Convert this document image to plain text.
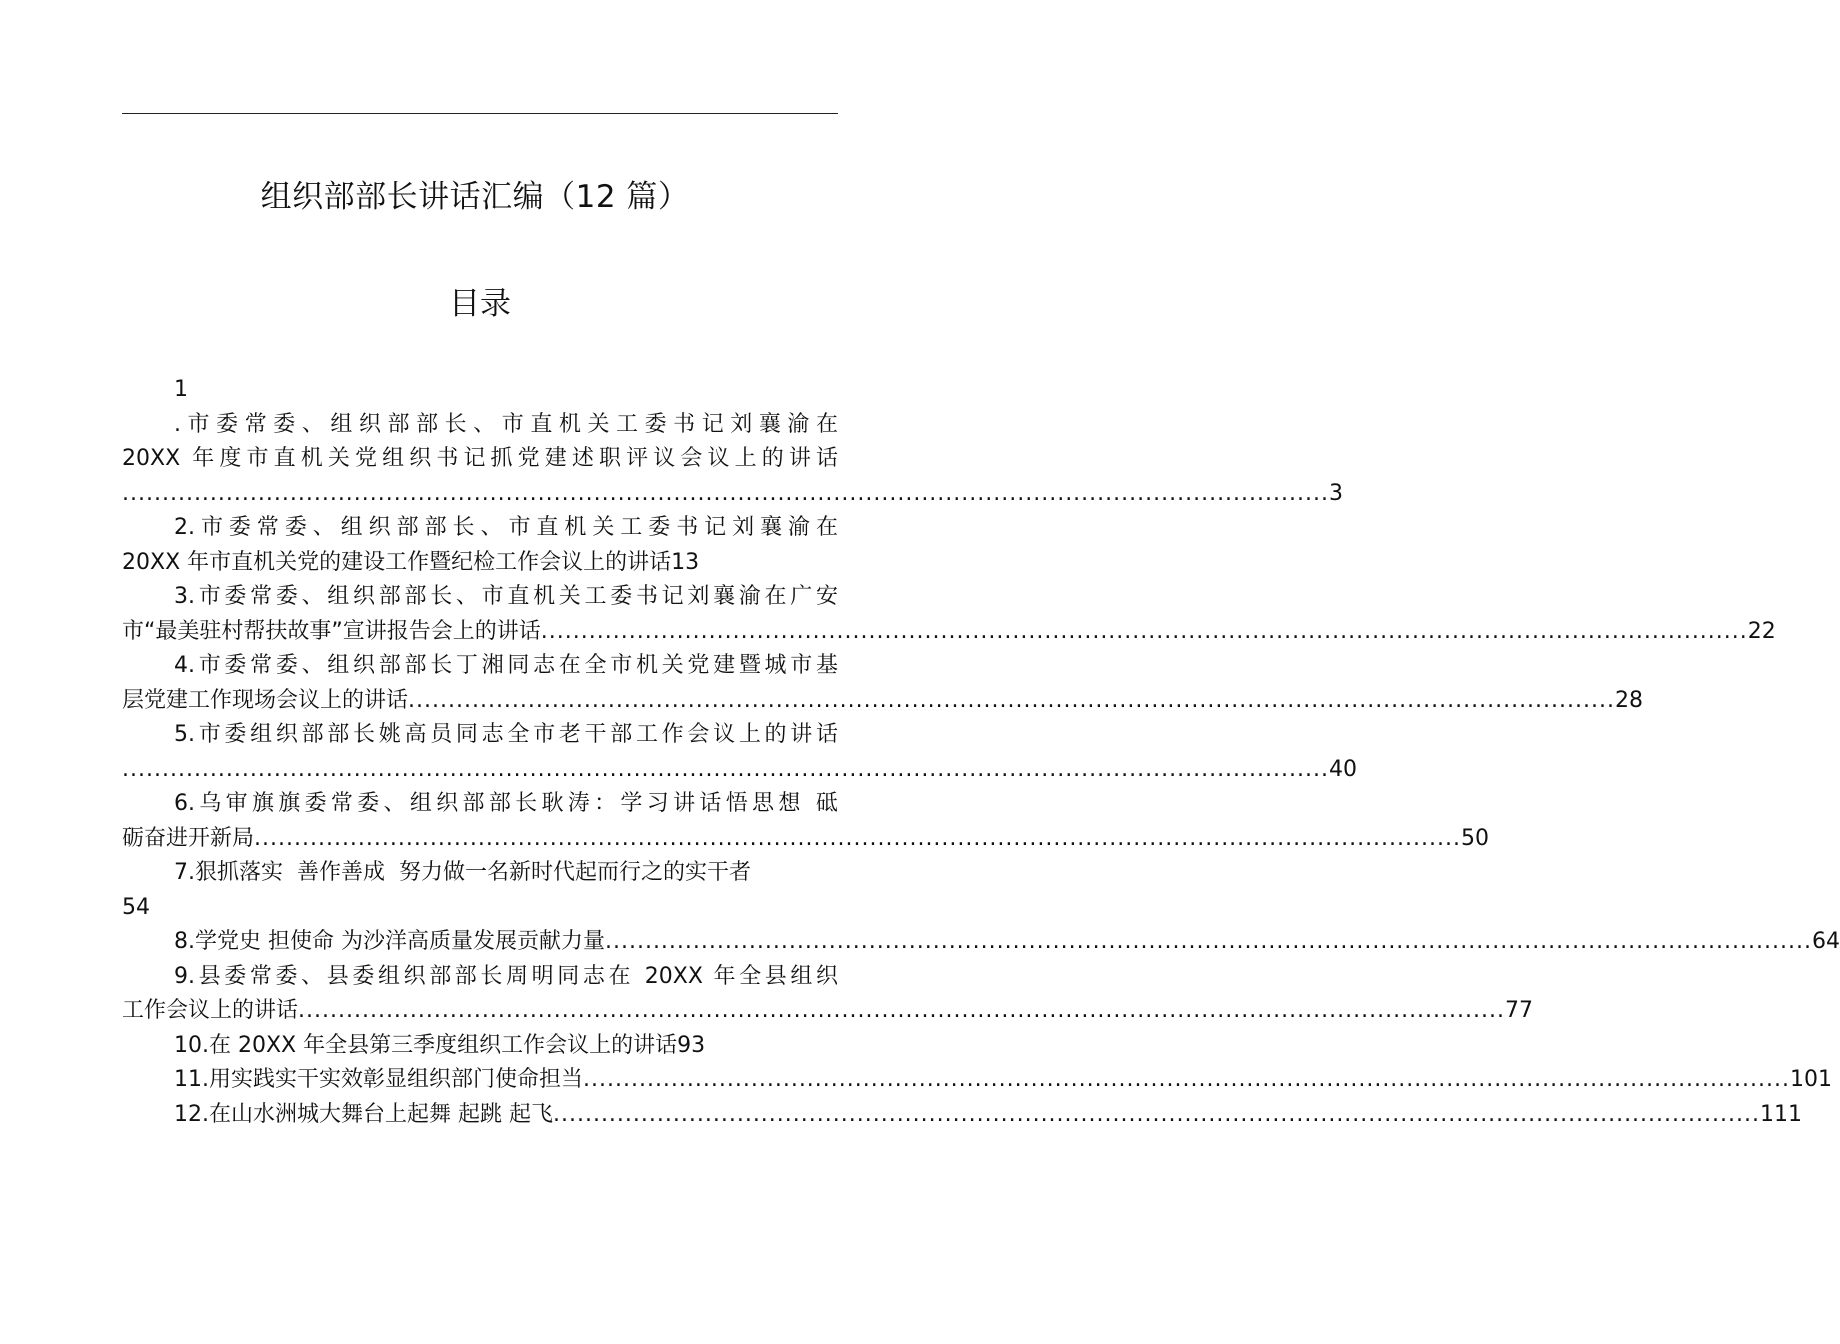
组织部部长讲话汇编（12 篇）
目录
1
.市委常委、组织部部长、市直机关工委书记刘襄渝在
20XX 年度市直机关党组织书记抓党建述职评议会议上的讲话
....................................................................................................................................................... 3
2.市委常委、组织部部长、市直机关工委书记刘襄渝在
20XX 年市直机关党的建设工作暨纪检工作会议上的讲话13
3.市委常委、组织部部长、市直机关工委书记刘襄渝在广安
市“最美驻村帮扶故事”宣讲报告会上的讲话 ....................................................................................................................................................... 22
4.市委常委、组织部部长丁湘同志在全市机关党建暨城市基
层党建工作现场会议上的讲话 ....................................................................................................................................................... 28
5.市委组织部部长姚高员同志全市老干部工作会议上的讲话
....................................................................................................................................................... 40
6.乌审旗旗委常委、组织部部长耿涛：学习讲话悟思想 砥
砺奋进开新局 ....................................................................................................................................................... 50
7.狠抓落实  善作善成  努力做一名新时代起而行之的实干者
54
8.学党史 担使命 为沙洋高质量发展贡献力量 ....................................................................................................................................................... 64
9.县委常委、县委组织部部长周明同志在 20XX 年全县组织
工作会议上的讲话 ....................................................................................................................................................... 77
10.在 20XX 年全县第三季度组织工作会议上的讲话93
11.用实践实干实效彰显组织部门使命担当 ....................................................................................................................................................... 101
12.在山水洲城大舞台上起舞 起跳 起飞 ....................................................................................................................................................... 111
